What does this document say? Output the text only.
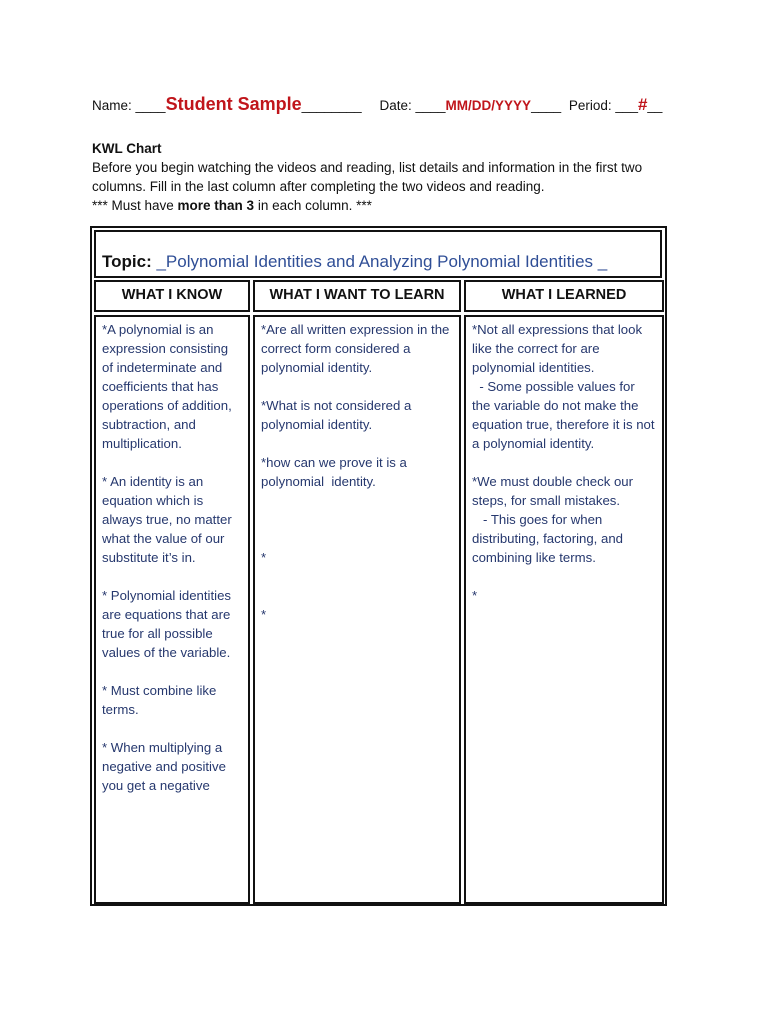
Name: ____Student Sample________ Date: ____MM/DD/YYYY____ Period: ___#__
KWL Chart
Before you begin watching the videos and reading, list details and information in the first two columns. Fill in the last column after completing the two videos and reading.
*** Must have more than 3 in each column. ***
Topic: _Polynomial Identities and Analyzing Polynomial Identities _
WHAT I KNOW	WHAT I WANT TO LEARN	WHAT I LEARNED
*A polynomial is an expression consisting of indeterminate and coefficients that has operations of addition, subtraction, and multiplication.

* An identity is an equation which is always true, no matter what the value of our substitute it’s in.

* Polynomial identities are equations that are true for all possible values of the variable.

* Must combine like terms.

* When multiplying a negative and positive you get a negative
*Are all written expression in the correct form considered a polynomial identity.

*What is not considered a polynomial identity.

*how can we prove it is a polynomial  identity.

*

*
*Not all expressions that look like the correct for are polynomial identities.
- Some possible values for the variable do not make the equation true, therefore it is not a polynomial identity.

*We must double check our steps, for small mistakes.
- This goes for when distributing, factoring, and combining like terms.

*
